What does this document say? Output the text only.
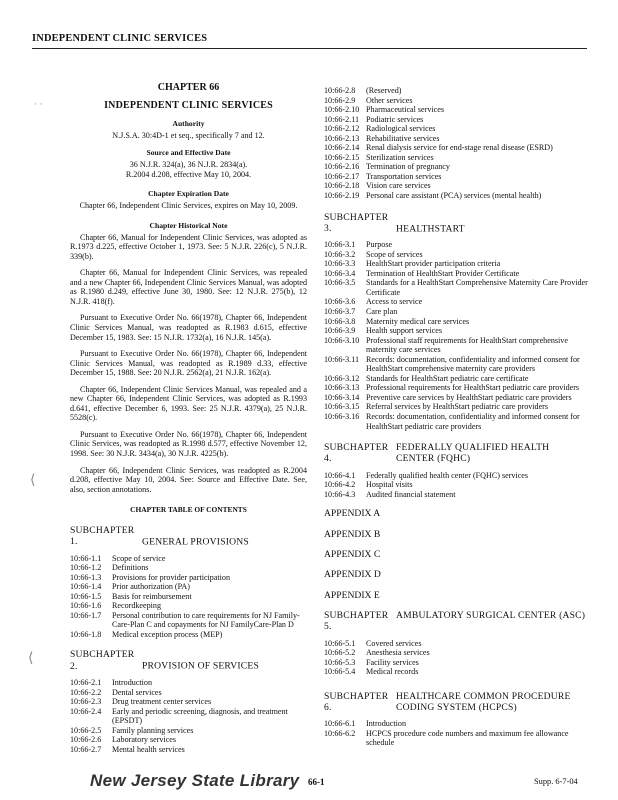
INDEPENDENT CLINIC SERVICES
· ·
⟨
⟨
CHAPTER 66
INDEPENDENT CLINIC SERVICES
Authority
N.J.S.A. 30:4D-1 et seq., specifically 7 and 12.
Source and Effective Date
36 N.J.R. 324(a), 36 N.J.R. 2834(a).
R.2004 d.208, effective May 10, 2004.
Chapter Expiration Date
Chapter 66, Independent Clinic Services, expires on May 10, 2009.
Chapter Historical Note

Chapter 66, Manual for Independent Clinic Services, was adopted as R.1973 d.225, effective October 1, 1973. See: 5 N.J.R. 226(c), 5 N.J.R. 339(b).

Chapter 66, Manual for Independent Clinic Services, was repealed and a new Chapter 66, Independent Clinic Services Manual, was adopted as R.1980 d.249, effective June 30, 1980. See: 12 N.J.R. 275(b), 12 N.J.R. 418(f).

Pursuant to Executive Order No. 66(1978), Chapter 66, Independent Clinic Services Manual, was readopted as R.1983 d.615, effective December 15, 1983. See: 15 N.J.R. 1732(a), 16 N.J.R. 145(a).

Pursuant to Executive Order No. 66(1978), Chapter 66, Independent Clinic Services Manual, was readopted as R.1989 d.33, effective December 15, 1988. See: 20 N.J.R. 2562(a), 21 N.J.R. 162(a).

Chapter 66, Independent Clinic Services Manual, was repealed and a new Chapter 66, Independent Clinic Services, was adopted as R.1993 d.641, effective December 6, 1993. See: 25 N.J.R. 4379(a), 25 N.J.R. 5528(c).

Pursuant to Executive Order No. 66(1978), Chapter 66, Independent Clinic Services, was readopted as R.1998 d.577, effective November 12, 1998. See: 30 N.J.R. 3434(a), 30 N.J.R. 4225(b).

Chapter 66, Independent Clinic Services, was readopted as R.2004 d.208, effective May 10, 2004. See: Source and Effective Date. See, also, section annotations.

CHAPTER TABLE OF CONTENTS
SUBCHAPTER 1.	GENERAL PROVISIONS
10:66-1.1	Scope of service
10:66-1.2	Definitions
10:66-1.3	Provisions for provider participation
10:66-1.4	Prior authorization (PA)
10:66-1.5	Basis for reimbursement
10:66-1.6	Recordkeeping
10:66-1.7	Personal contribution to care requirements for NJ Family-Care-Plan C and copayments for NJ FamilyCare-Plan D
10:66-1.8	Medical exception process (MEP)
SUBCHAPTER 2.	PROVISION OF SERVICES
10:66-2.1	Introduction
10:66-2.2	Dental services
10:66-2.3	Drug treatment center services
10:66-2.4	Early and periodic screening, diagnosis, and treatment (EPSDT)
10:66-2.5	Family planning services
10:66-2.6	Laboratory services
10:66-2.7	Mental health services
10:66-2.8	(Reserved)
10:66-2.9	Other services
10:66-2.10 Pharmaceutical services
10:66-2.11 Podiatric services
10:66-2.12 Radiological services
10:66-2.13 Rehabilitative services
10:66-2.14 Renal dialysis service for end-stage renal disease (ESRD)
10:66-2.15 Sterilization services
10:66-2.16 Termination of pregnancy
10:66-2.17 Transportation services
10:66-2.18 Vision care services
10:66-2.19 Personal care assistant (PCA) services (mental health)
SUBCHAPTER 3.	HEALTHSTART
10:66-3.1	Purpose
10:66-3.2	Scope of services
10:66-3.3	HealthStart provider participation criteria
10:66-3.4	Termination of HealthStart Provider Certificate
10:66-3.5	Standards for a HealthStart Comprehensive Maternity Care Provider Certificate
10:66-3.6	Access to service
10:66-3.7	Care plan
10:66-3.8	Maternity medical care services
10:66-3.9	Health support services
10:66-3.10 Professional staff requirements for HealthStart comprehensive maternity care services
10:66-3.11 Records: documentation, confidentiality and informed consent for HealthStart comprehensive maternity care providers
10:66-3.12 Standards for HealthStart pediatric care certificate
10:66-3.13 Professional requirements for HealthStart pediatric care providers
10:66-3.14 Preventive care services by HealthStart pediatric care providers
10:66-3.15 Referral services by HealthStart pediatric care providers
10:66-3.16 Records: documentation, confidentiality and informed consent for HealthStart pediatric care providers
SUBCHAPTER 4.
FEDERALLY QUALIFIED HEALTH CENTER (FQHC)
10:66-4.1	Federally qualified health center (FQHC) services
10:66-4.2	Hospital visits
10:66-4.3	Audited financial statement
APPENDIX A
APPENDIX B
APPENDIX C
APPENDIX D
APPENDIX E
SUBCHAPTER 5.
AMBULATORY SURGICAL CENTER (ASC)
10:66-5.1	Covered services
10:66-5.2	Anesthesia services
10:66-5.3	Facility services
10:66-5.4	Medical records
SUBCHAPTER 6.
HEALTHCARE COMMON PROCEDURE CODING SYSTEM (HCPCS)
10:66-6.1	Introduction
10:66-6.2	HCPCS procedure code numbers and maximum fee allowance schedule
New Jersey State Library 66-1	Supp. 6-7-04
